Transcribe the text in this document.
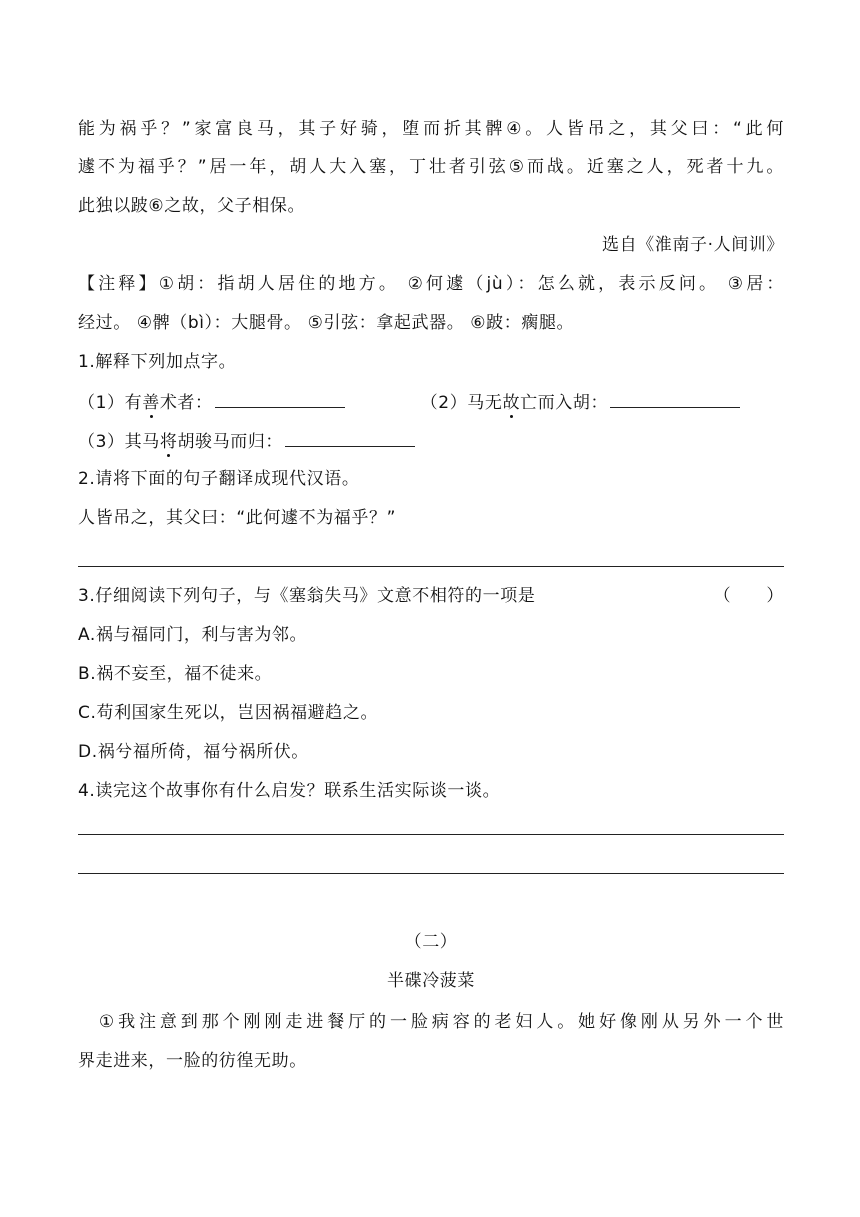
能为祸乎？”家富良马，其子好骑，堕而折其髀④。人皆吊之，其父曰：“此何
遽不为福乎？”居一年，胡人大入塞，丁壮者引弦⑤而战。近塞之人，死者十九。
此独以跛⑥之故，父子相保。
选自《淮南子·人间训》
【注释】①胡：指胡人居住的地方。 ②何遽（jù）：怎么就，表示反问。 ③居：
经过。 ④髀（bì）：大腿骨。 ⑤引弦：拿起武器。 ⑥跛：瘸腿。
1.解释下列加点字。
（1）有善术者：	（2）马无故亡而入胡：
（3）其马将胡骏马而归：
2.请将下面的句子翻译成现代汉语。
人皆吊之，其父曰：“此何遽不为福乎？”
3.仔细阅读下列句子，与《塞翁失马》文意不相符的一项是	（　　）
A.祸与福同门，利与害为邻。
B.祸不妄至，福不徒来。
C.苟利国家生死以，岂因祸福避趋之。
D.祸兮福所倚，福兮祸所伏。
4.读完这个故事你有什么启发？联系生活实际谈一谈。
（二）
半碟冷菠菜
　①我注意到那个刚刚走进餐厅的一脸病容的老妇人。她好像刚从另外一个世
界走进来，一脸的彷徨无助。
